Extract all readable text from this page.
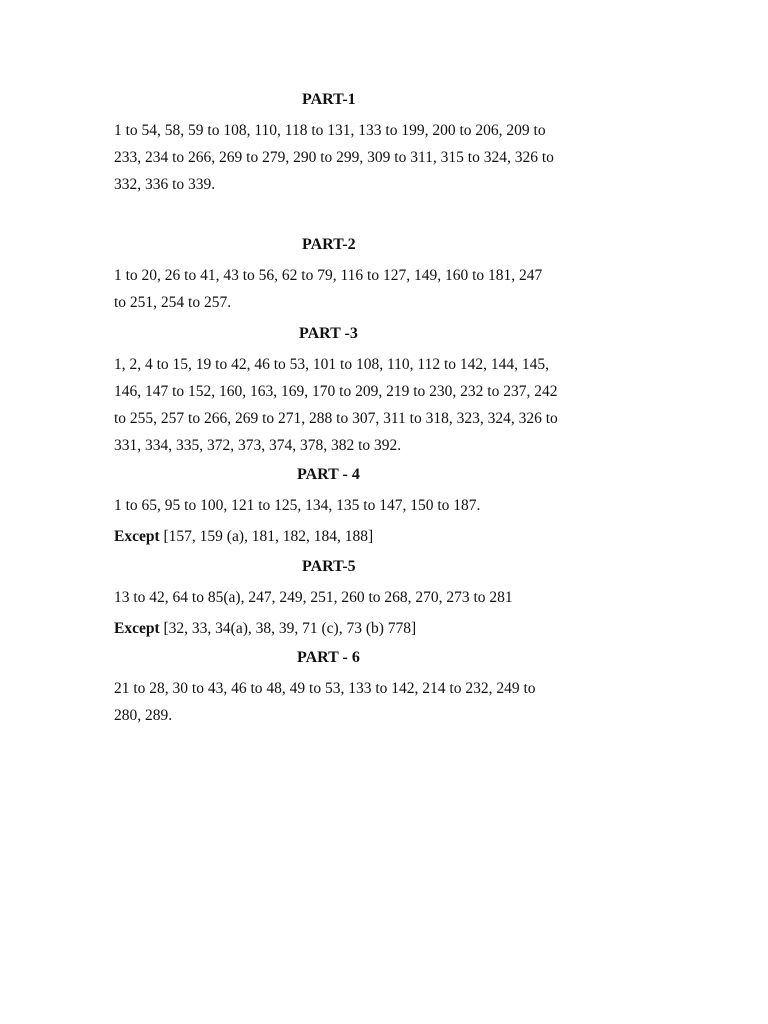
PART-1
1 to 54, 58, 59 to 108, 110, 118 to 131, 133 to 199, 200 to 206, 209 to
233, 234 to 266, 269 to 279, 290 to 299, 309 to 311, 315 to 324, 326 to
332, 336 to 339.
PART-2
1 to 20, 26 to 41, 43 to 56, 62 to 79, 116 to 127, 149, 160 to 181, 247
to 251, 254 to 257.
PART -3
1, 2, 4 to 15, 19 to 42, 46 to 53, 101 to 108, 110, 112 to 142, 144, 145,
146, 147 to 152, 160, 163, 169, 170 to 209, 219 to 230, 232 to 237, 242
to 255, 257 to 266, 269 to 271, 288 to 307, 311 to 318, 323, 324, 326 to
331, 334, 335, 372, 373, 374, 378, 382 to 392.
PART - 4
1 to 65, 95 to 100, 121 to 125, 134, 135 to 147, 150 to 187.
Except [157, 159 (a), 181, 182, 184, 188]
PART-5
13 to 42, 64 to 85(a), 247, 249, 251, 260 to 268, 270, 273 to 281
Except [32, 33, 34(a), 38, 39, 71 (c), 73 (b) 778]
PART - 6
21 to 28, 30 to 43, 46 to 48, 49 to 53, 133 to 142, 214 to 232, 249 to
280, 289.
